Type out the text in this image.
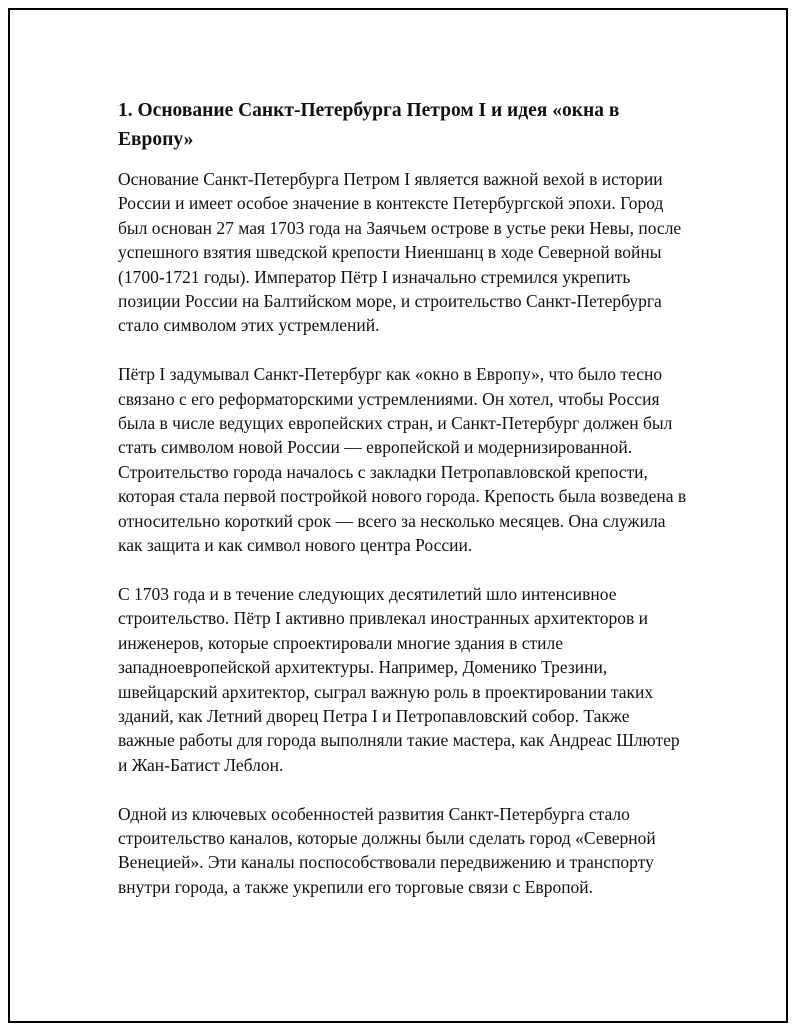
1. Основание Санкт-Петербурга Петром I и идея «окна в Европу»

Основание Санкт-Петербурга Петром I является важной вехой в истории России и имеет особое значение в контексте Петербургской эпохи. Город был основан 27 мая 1703 года на Заячьем острове в устье реки Невы, после успешного взятия шведской крепости Ниеншанц в ходе Северной войны (1700-1721 годы). Император Пётр I изначально стремился укрепить позиции России на Балтийском море, и строительство Санкт-Петербурга стало символом этих устремлений.

Пётр I задумывал Санкт-Петербург как «окно в Европу», что было тесно связано с его реформаторскими устремлениями. Он хотел, чтобы Россия была в числе ведущих европейских стран, и Санкт-Петербург должен был стать символом новой России — европейской и модернизированной. Строительство города началось с закладки Петропавловской крепости, которая стала первой постройкой нового города. Крепость была возведена в относительно короткий срок — всего за несколько месяцев. Она служила как защита и как символ нового центра России.

С 1703 года и в течение следующих десятилетий шло интенсивное строительство. Пётр I активно привлекал иностранных архитекторов и инженеров, которые спроектировали многие здания в стиле западноевропейской архитектуры. Например, Доменико Трезини, швейцарский архитектор, сыграл важную роль в проектировании таких зданий, как Летний дворец Петра I и Петропавловский собор. Также важные работы для города выполняли такие мастера, как Андреас Шлютер и Жан-Батист Леблон.

Одной из ключевых особенностей развития Санкт-Петербурга стало строительство каналов, которые должны были сделать город «Северной Венецией». Эти каналы поспособствовали передвижению и транспорту внутри города, а также укрепили его торговые связи с Европой.
